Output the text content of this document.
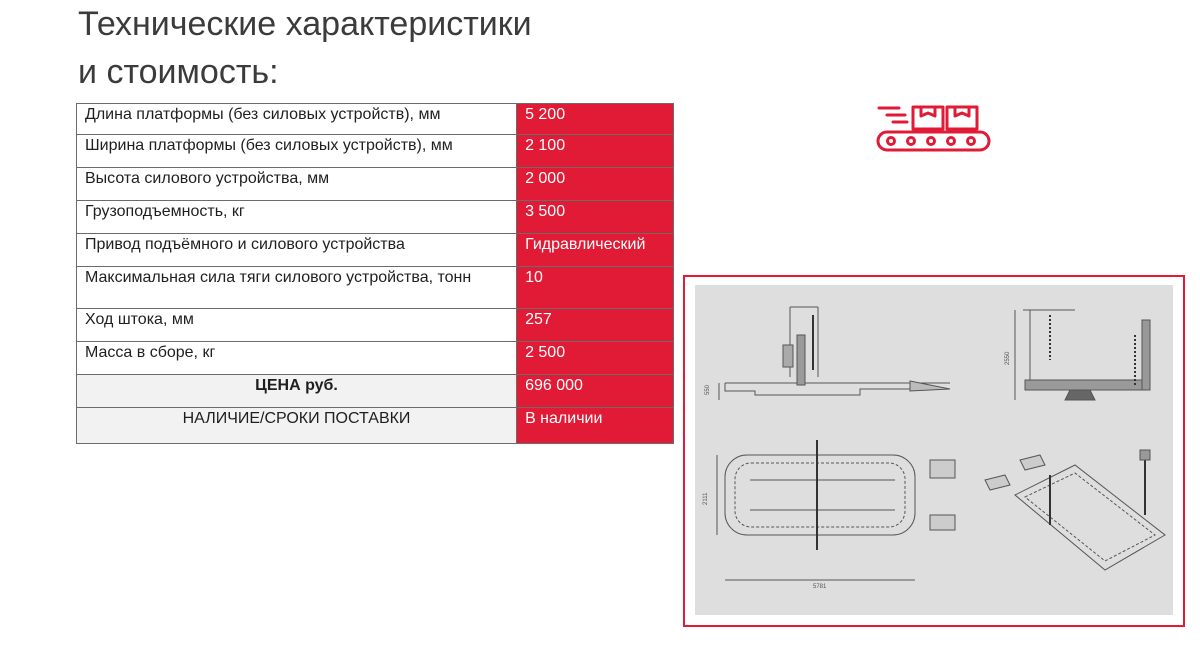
Технические характеристики
и стоимость:
Длина платформы (без силовых устройств), мм	5 200
Ширина платформы (без силовых устройств), мм	2 100
Высота силового устройства, мм	2 000
Грузоподъемность, кг	3 500
Привод подъёмного и силового устройства	Гидравлический
Максимальная сила тяги силового устройства, тонн	10
Ход штока, мм	257
Масса в сборе, кг	2 500
ЦЕНА руб.	696 000
НАЛИЧИЕ/СРОКИ ПОСТАВКИ	В наличии
550
2550
2111
5781
